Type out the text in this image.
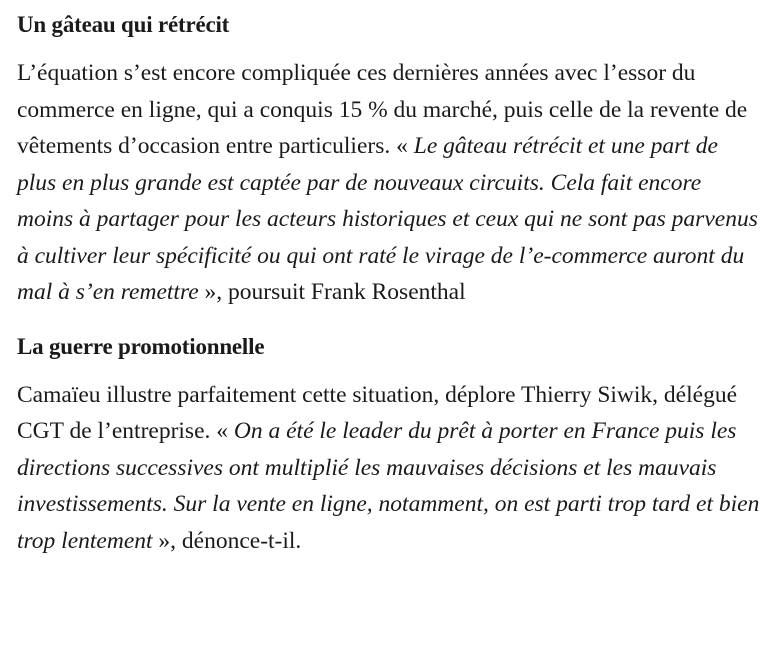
Un gâteau qui rétrécit

L’équation s’est encore compliquée ces dernières années avec l’essor du commerce en ligne, qui a conquis 15 % du marché, puis celle de la revente de vêtements d’occasion entre particuliers. « Le gâteau rétrécit et une part de plus en plus grande est captée par de nouveaux circuits. Cela fait encore moins à partager pour les acteurs historiques et ceux qui ne sont pas parvenus à cultiver leur spécificité ou qui ont raté le virage de l’e-commerce auront du mal à s’en remettre », poursuit Frank Rosenthal

La guerre promotionnelle

Camaïeu illustre parfaitement cette situation, déplore Thierry Siwik, délégué CGT de l’entreprise. « On a été le leader du prêt à porter en France puis les directions successives ont multiplié les mauvaises décisions et les mauvais investissements. Sur la vente en ligne, notamment, on est parti trop tard et bien trop lentement », dénonce-t-il.
